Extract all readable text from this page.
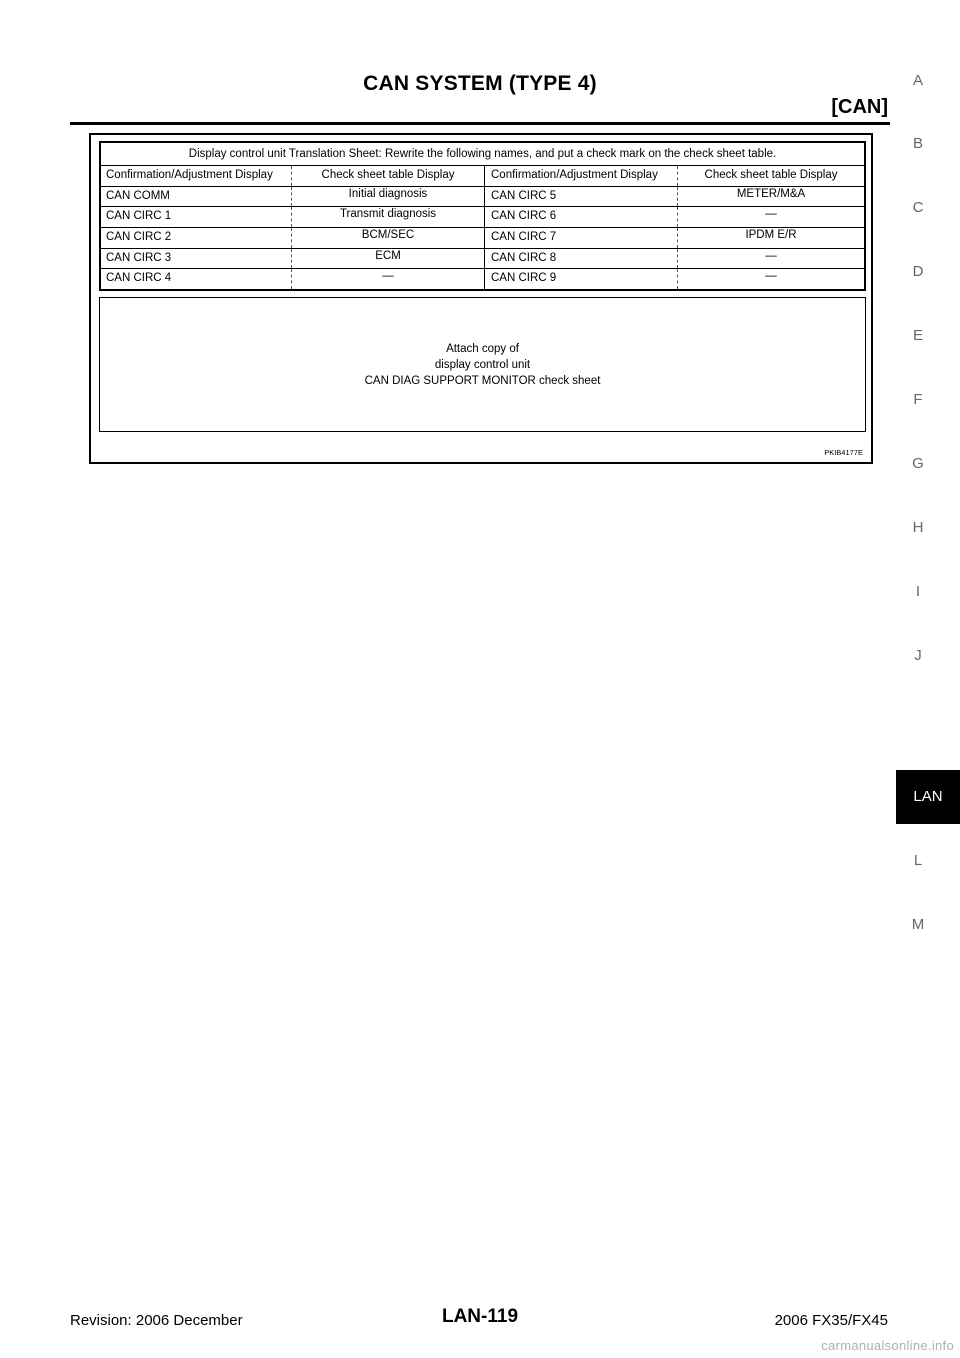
CAN SYSTEM (TYPE 4)
[CAN]
A
B
C
D
E
F
G
H
I
J
LAN
L
M
Display control unit Translation Sheet: Rewrite the following names, and put a check mark on the check sheet table.
Confirmation/Adjustment Display	Check sheet table Display	Confirmation/Adjustment Display	Check sheet table Display
CAN COMM	Initial diagnosis	CAN CIRC 5	METER/M&A
CAN CIRC 1	Transmit diagnosis	CAN CIRC 6	—
CAN CIRC 2	BCM/SEC	CAN CIRC 7	IPDM E/R
CAN CIRC 3	ECM	CAN CIRC 8	—
CAN CIRC 4	—	CAN CIRC 9	—
Attach copy of
display control unit
CAN DIAG SUPPORT MONITOR check sheet
PKIB4177E
Revision: 2006 December	LAN-119	2006 FX35/FX45
carmanualsonline.info
